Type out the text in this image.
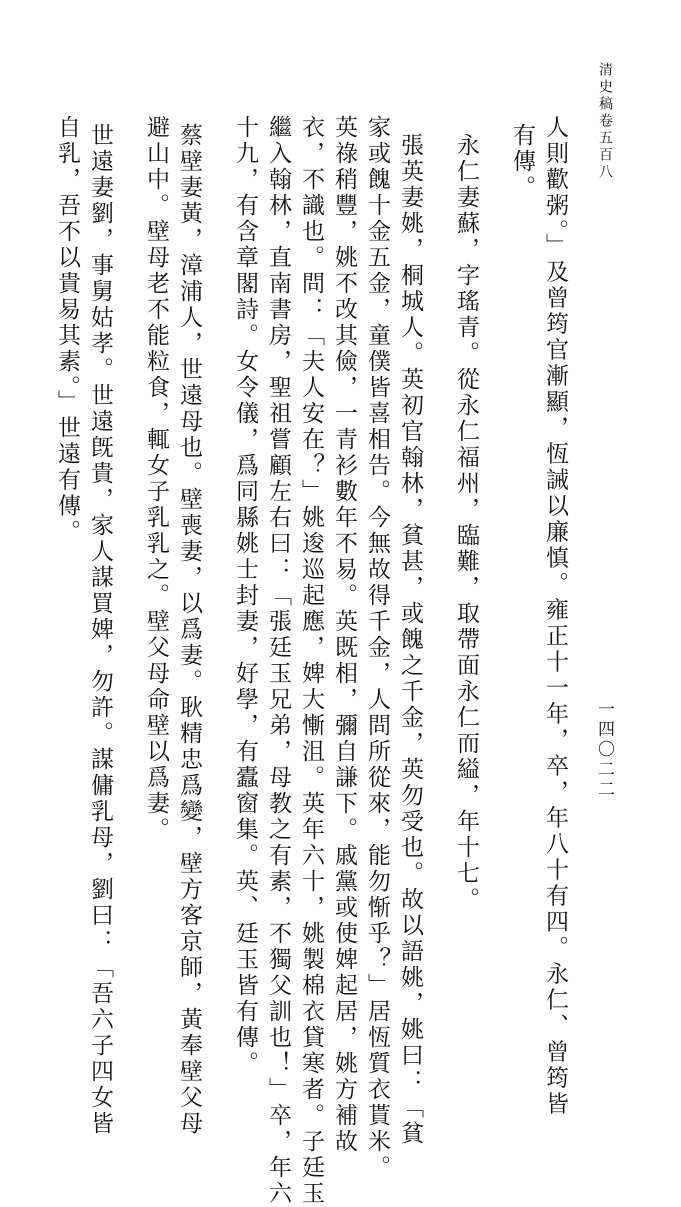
清史稿卷五百八
一四〇二二
人則歡粥。」及曾筠官漸顯，恆誡以廉慎。雍正十一年，卒，年八十有四。永仁、曾筠皆
有傳。
永仁妻蘇，字瑤青。從永仁福州，臨難，取帶面永仁而縊，年十七。
張英妻姚，桐城人。英初官翰林，貧甚，或餽之千金，英勿受也。故以語姚，姚曰：「貧
家或餽十金五金，童僕皆喜相告。今無故得千金，人問所從來，能勿惭乎？」居恆質衣貰米。
英祿稍豐，姚不改其儉，一青衫數年不易。英既相，彌自謙下。戚黨或使婢起居，姚方補故
衣，不識也。問：「夫人安在？」姚逡巡起應，婢大慚沮。英年六十，姚製棉衣貸寒者。子廷玉
繼入翰林，直南書房，聖祖嘗顧左右曰：「張廷玉兄弟，母教之有素，不獨父訓也！」卒，年六
十九，有含章閣詩。女令儀，爲同縣姚士封妻，好學，有蠹窗集。英、廷玉皆有傳。
蔡壁妻黃，漳浦人，世遠母也。壁喪妻，以爲妻。耿精忠爲變，壁方客京師，黃奉壁父母
避山中。壁母老不能粒食，輒女子乳乳之。壁父母命壁以爲妻。
世遠妻劉，事舅姑孝。世遠旣貴，家人謀買婢，勿許。謀傭乳母，劉曰：「吾六子四女皆
自乳，吾不以貴易其素。」世遠有傳。
